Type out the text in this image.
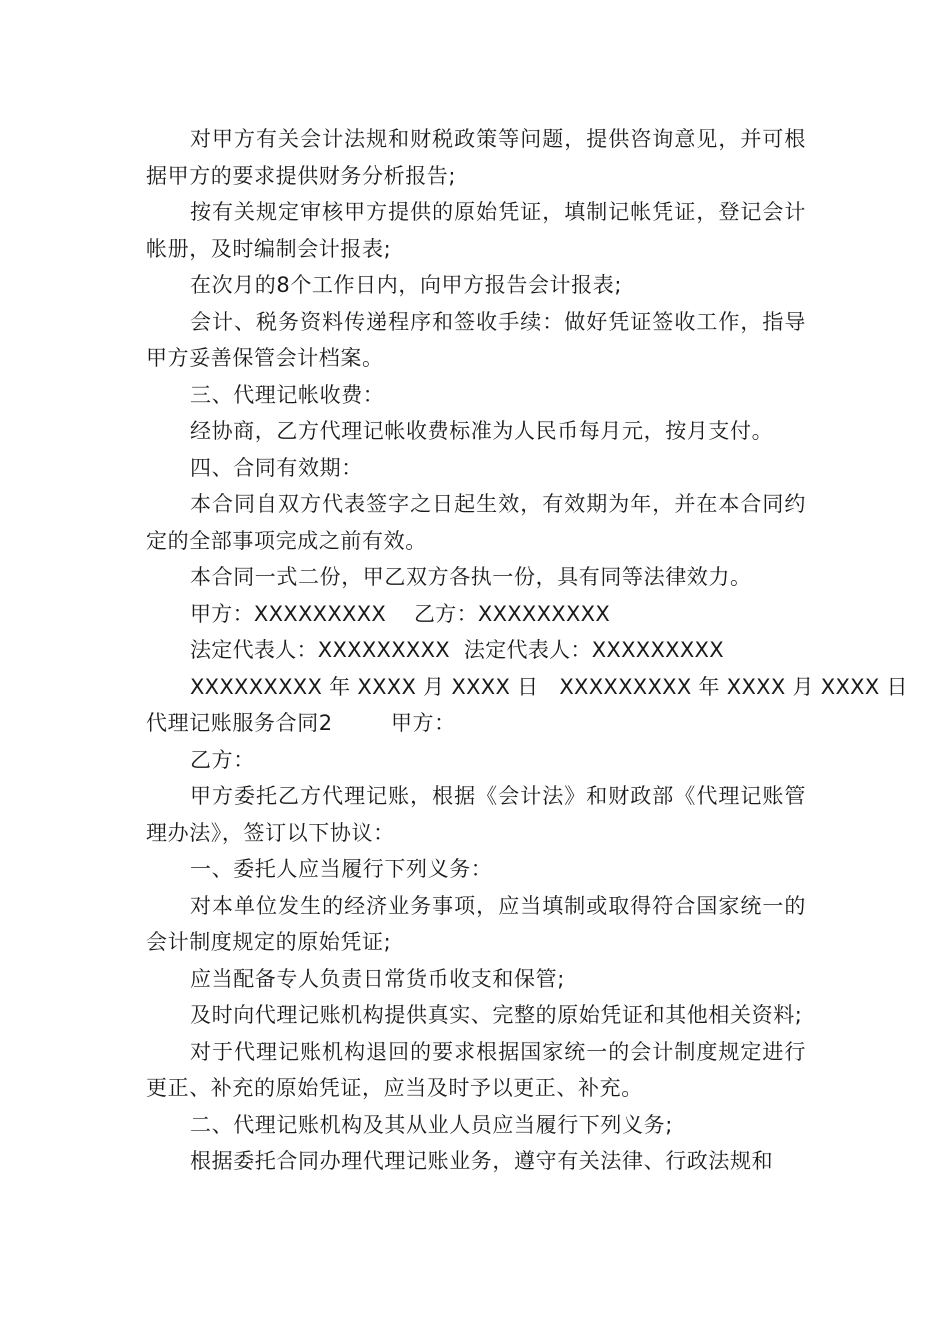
对甲方有关会计法规和财税政策等问题，提供咨询意见，并可根据甲方的要求提供财务分析报告;

按有关规定审核甲方提供的原始凭证，填制记帐凭证，登记会计帐册，及时编制会计报表;

在次月的8个工作日内，向甲方报告会计报表;

会计、税务资料传递程序和签收手续：做好凭证签收工作，指导甲方妥善保管会计档案。

三、代理记帐收费：

经协商，乙方代理记帐收费标准为人民币每月元，按月支付。

四、合同有效期：

本合同自双方代表签字之日起生效，有效期为年，并在本合同约定的全部事项完成之前有效。

本合同一式二份，甲乙双方各执一份，具有同等法律效力。

甲方：XXXXXXXXX    乙方：XXXXXXXXX

法定代表人：XXXXXXXXX  法定代表人：XXXXXXXXX

XXXXXXXXX 年 XXXX 月 XXXX 日   XXXXXXXXX 年 XXXX 月 XXXX 日

代理记账服务合同2        甲方：

乙方：

甲方委托乙方代理记账，根据《会计法》和财政部《代理记账管理办法》，签订以下协议：

一、委托人应当履行下列义务：

对本单位发生的经济业务事项，应当填制或取得符合国家统一的会计制度规定的原始凭证;

应当配备专人负责日常货币收支和保管;

及时向代理记账机构提供真实、完整的原始凭证和其他相关资料;

对于代理记账机构退回的要求根据国家统一的会计制度规定进行更正、补充的原始凭证，应当及时予以更正、补充。

二、代理记账机构及其从业人员应当履行下列义务;

根据委托合同办理代理记账业务，遵守有关法律、行政法规和
